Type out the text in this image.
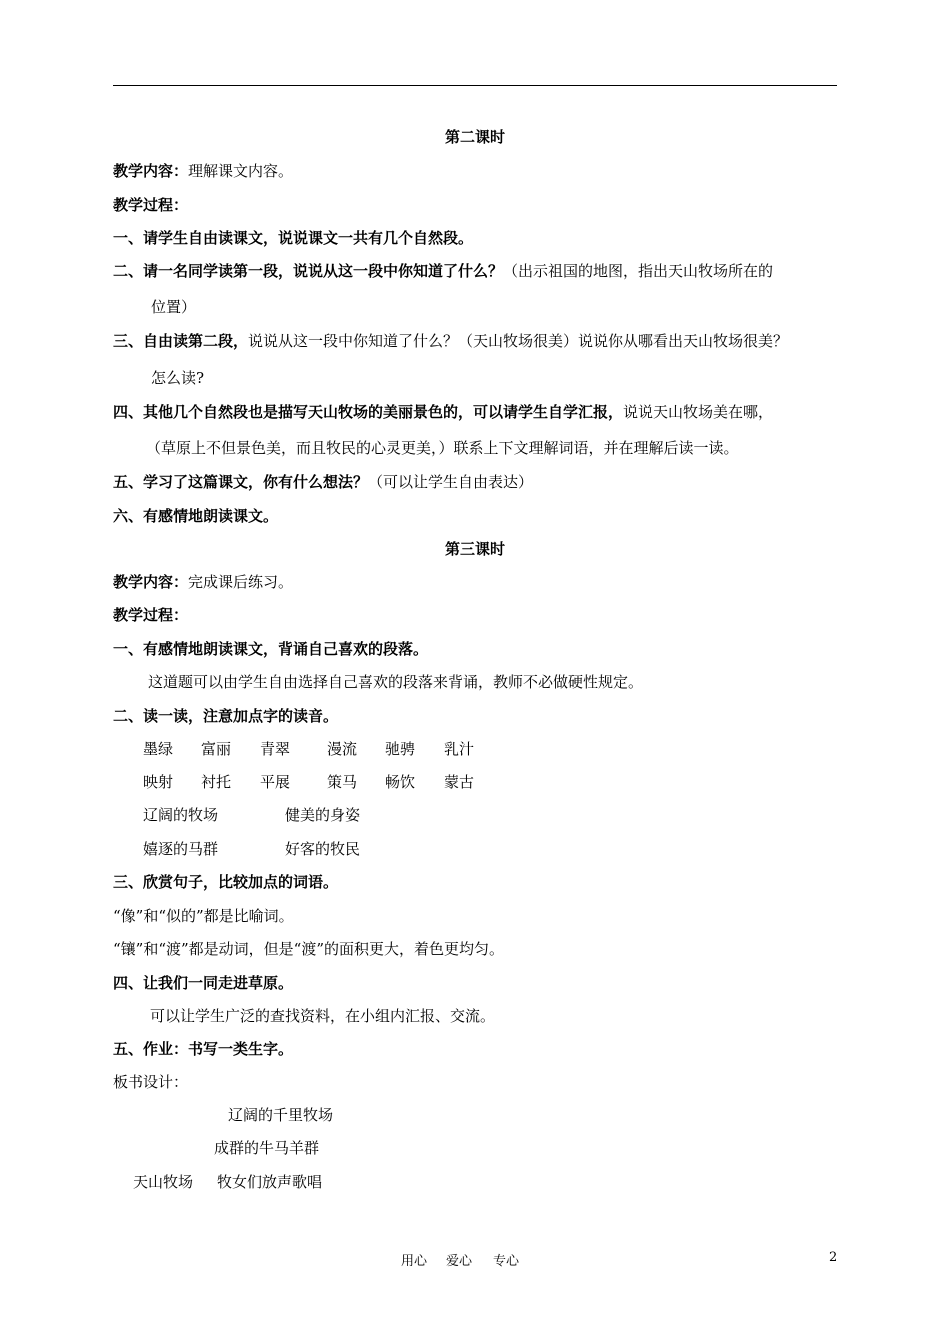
第二课时
教学内容：理解课文内容。
教学过程：
一、请学生自由读课文，说说课文一共有几个自然段。
二、请一名同学读第一段，说说从这一段中你知道了什么？（出示祖国的地图，指出天山牧场所在的
位置）
三、自由读第二段，说说从这一段中你知道了什么？（天山牧场很美）说说你从哪看出天山牧场很美？
怎么读?
四、其他几个自然段也是描写天山牧场的美丽景色的，可以请学生自学汇报，说说天山牧场美在哪，
（草原上不但景色美，而且牧民的心灵更美，）联系上下文理解词语，并在理解后读一读。
五、学习了这篇课文，你有什么想法？（可以让学生自由表达）
六、有感情地朗读课文。
第三课时
教学内容：完成课后练习。
教学过程：
一、有感情地朗读课文，背诵自己喜欢的段落。
这道题可以由学生自由选择自己喜欢的段落来背诵，教师不必做硬性规定。
二、读一读，注意加点字的读音。
墨绿 富丽 青翠 漫流 驰骋 乳汁
映射 衬托 平展 策马 畅饮 蒙古
辽阔的牧场	健美的身姿
嬉逐的马群	好客的牧民
三、欣赏句子，比较加点的词语。
“像”和“似的”都是比喻词。
“镶”和“渡”都是动词，但是“渡”的面积更大，着色更均匀。
四、让我们一同走进草原。
可以让学生广泛的查找资料，在小组内汇报、交流。
五、作业：书写一类生字。
板书设计：
辽阔的千里牧场
成群的牛马羊群
天山牧场 牧女们放声歌唱
用心 爱心 专心	2
